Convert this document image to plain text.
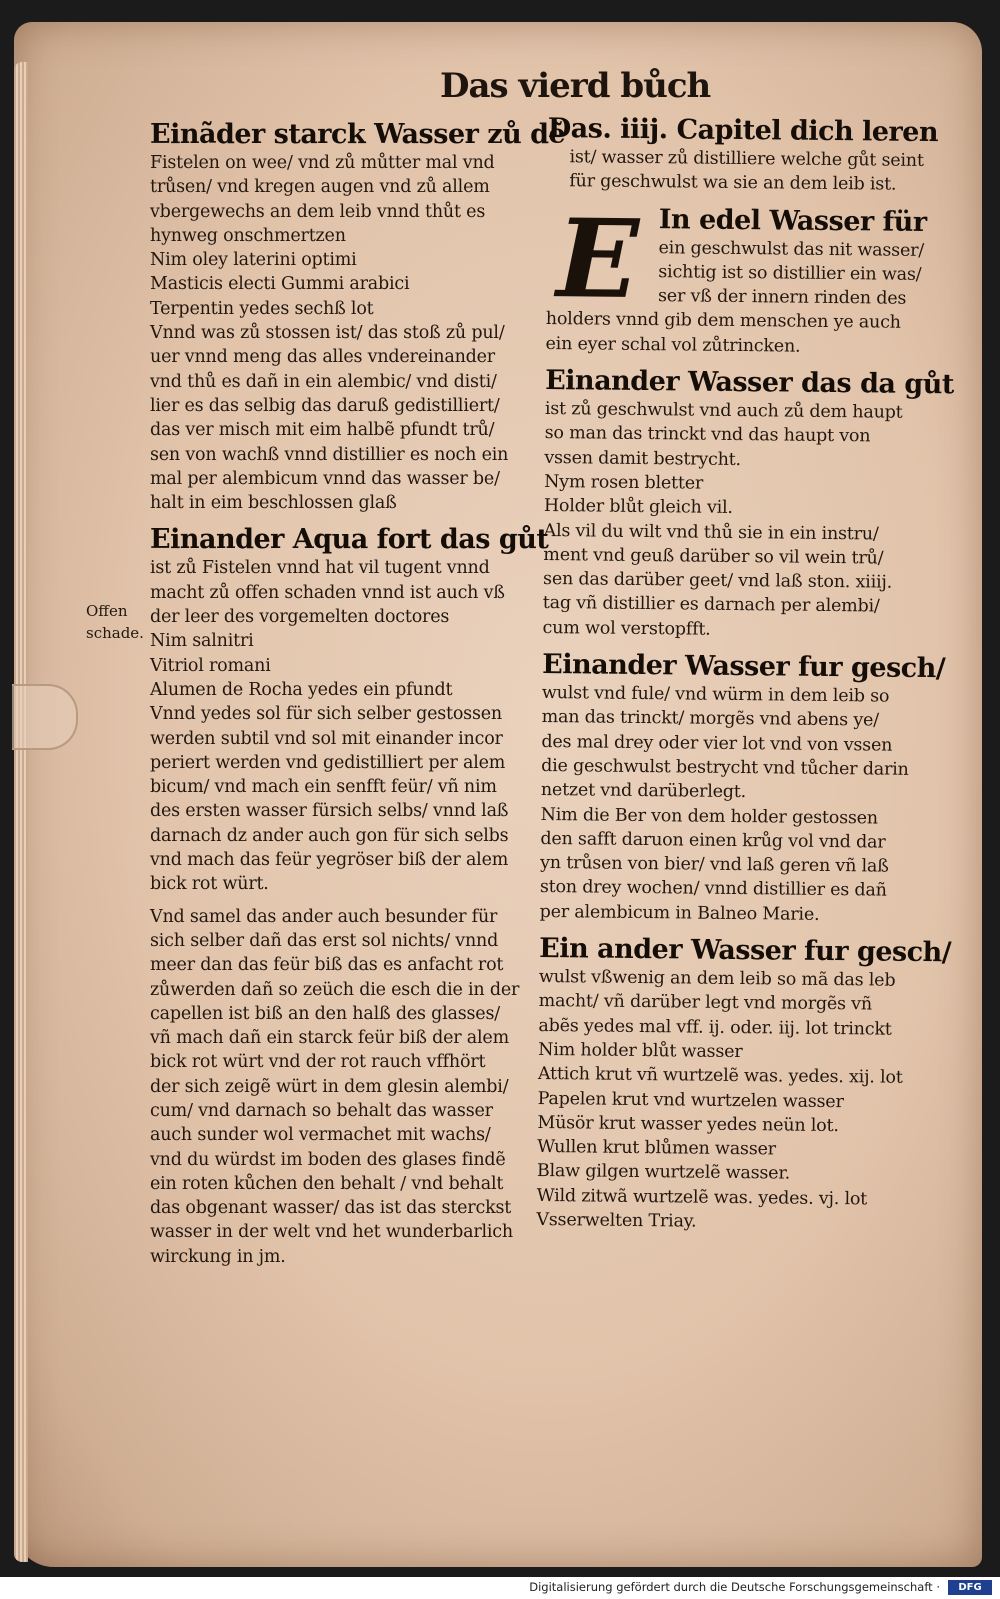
Das vierd bůch
Offen
schade.
Einãder starck Wasser zů dẽ
Fistelen on wee/ vnd zů můtter mal vnd
trůsen/ vnd kregen augen vnd zů allem
vbergewechs an dem leib vnnd thůt es
hynweg onschmertzen
Nim oley laterini optimi
Masticis electi Gummi arabici
Terpentin yedes sechß lot
Vnnd was zů stossen ist/ das stoß zů pul/
uer vnnd meng das alles vndereinander
vnd thů es dañ in ein alembic/ vnd disti/
lier es das selbig das daruß gedistilliert/
das ver misch mit eim halbẽ pfundt trů/
sen von wachß vnnd distillier es noch ein
mal per alembicum vnnd das wasser be/
halt in eim beschlossen glaß
Einander Aqua fort das gůt
ist zů Fistelen vnnd hat vil tugent vnnd
macht zů offen schaden vnnd ist auch vß
der leer des vorgemelten doctores
Nim salnitri
Vitriol romani
Alumen de Rocha yedes ein pfundt
Vnnd yedes sol für sich selber gestossen
werden subtil vnd sol mit einander incor
periert werden vnd gedistilliert per alem
bicum/ vnd mach ein senfft feür/ vñ nim
des ersten wasser fürsich selbs/ vnnd laß
darnach dz ander auch gon für sich selbs
vnd mach das feür yegröser biß der alem
bick rot würt.
Vnd samel das ander auch besunder für
sich selber dañ das erst sol nichts/ vnnd
meer dan das feür biß das es anfacht rot
zůwerden dañ so zeüch die esch die in der
capellen ist biß an den halß des glasses/
vñ mach dañ ein starck feür biß der alem
bick rot würt vnd der rot rauch vffhört
der sich zeigẽ würt in dem glesin alembi/
cum/ vnd darnach so behalt das wasser
auch sunder wol vermachet mit wachs/
vnd du würdst im boden des glases findẽ
ein roten kůchen den behalt / vnd behalt
das obgenant wasser/ das ist das sterckst
wasser in der welt vnd het wunderbarlich
wirckung in jm.
Das. iiij. Capitel dich leren
ist/ wasser zů distilliere welche gůt seint
für geschwulst wa sie an dem leib ist.
E In edel Wasser für
ein geschwulst das nit wasser/
sichtig ist so distillier ein was/
ser vß der innern rinden des
holders vnnd gib dem menschen ye auch
ein eyer schal vol zůtrincken.
Einander Wasser das da gůt
ist zů geschwulst vnd auch zů dem haupt
so man das trinckt vnd das haupt von
vssen damit bestrycht.
Nym rosen bletter
Holder blůt gleich vil.
Als vil du wilt vnd thů sie in ein instru/
ment vnd geuß darüber so vil wein trů/
sen das darüber geet/ vnd laß ston. xiiij.
tag vñ distillier es darnach per alembi/
cum wol verstopfft.
Einander Wasser fur gesch/
wulst vnd fule/ vnd würm in dem leib so
man das trinckt/ morgẽs vnd abens ye/
des mal drey oder vier lot vnd von vssen
die geschwulst bestrycht vnd tůcher darin
netzet vnd darüberlegt.
Nim die Ber von dem holder gestossen
den safft daruon einen krůg vol vnd dar
yn trůsen von bier/ vnd laß geren vñ laß
ston drey wochen/ vnnd distillier es dañ
per alembicum in Balneo Marie.
Ein ander Wasser fur gesch/
wulst vßwenig an dem leib so mã das leb
macht/ vñ darüber legt vnd morgẽs vñ
abẽs yedes mal vff. ij. oder. iij. lot trinckt
Nim holder blůt wasser
Attich krut vñ wurtzelẽ was. yedes. xij. lot
Papelen krut vnd wurtzelen wasser
Müsör krut wasser yedes neün lot.
Wullen krut blůmen wasser
Blaw gilgen wurtzelẽ wasser.
Wild zitwã wurtzelẽ was. yedes. vj. lot
Vsserwelten Triay.
Digitalisierung gefördert durch die Deutsche Forschungsgemeinschaft ·	DFG
